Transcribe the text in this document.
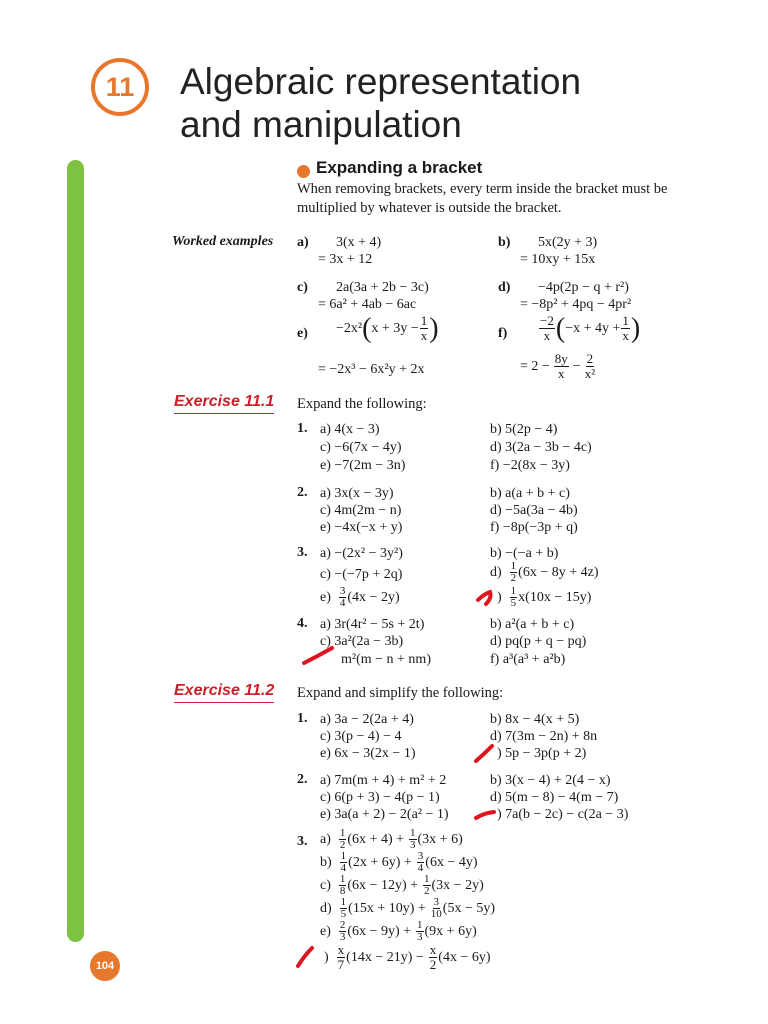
11 Algebraic representation
and manipulation
Expanding a bracket
When removing brackets, every term inside the bracket must be multiplied by whatever is outside the bracket.
Worked examples a) 3(x + 4)
= 3x + 12
b) 5x(2y + 3)
= 10xy + 15x
c) 2a(3a + 2b − 3c)
= 6a² + 4ab − 6ac
d) −4p(2p − q + r²)
= −8p² + 4pq − 4pr²
e) −2x² ( $x + 3y - \frac{1}{x}$ )
= −2x³ − 6x²y + 2x
$f) \frac{-2}{x}$ ( $-x + 4y + \frac{1}{x}$ )
= $2 - \frac{8y}{x} - \frac{2}{\text{x²}}$
Exercise 11.1 Expand the following:
1. a) 4(x − 3)	b) 5(2p − 4)
c) −6(7x − 4y)	d) 3(2a − 3b − 4c)
e) −7(2m − 3n)	f) −2(8x − 3y)
2. a) 3x(x − 3y)	b) a(a + b + c)
c) 4m(2m − n)	d) −5a(3a − 4b)
e) −4x(−x + y)	f) −8p(−3p + q)
3. a) −(2x² − 3y²)	b) −(−a + b)
c) −(−7p + 2q)	$d) \frac{1}{2} (6x - 8y + 4z)$
$e) \frac{3}{4} (4x - 2y)$	) $\frac{1}{5} x(10x - 15y)$
4. a) 3r(4r² − 5s + 2t)	b) a²(a + b + c)
c) 3a²(2a − 3b)	d) pq(p + q − pq)
m²(m − n + nm)	f) a³(a³ + a²b)
Exercise 11.2 Expand and simplify the following:
1. a) 3a − 2(2a + 4)	b) 8x − 4(x + 5)
c) 3(p − 4) − 4	d) 7(3m − 2n) + 8n
e) 6x − 3(2x − 1)	) 5p − 3p(p + 2)
2. a) 7m(m + 4) + m² + 2	b) 3(x − 4) + 2(4 − x)
c) 6(p + 3) − 4(p − 1)	d) 5(m − 8) − 4(m − 7)
e) 3a(a + 2) − 2(a² − 1)	) 7a(b − 2c) − c(2a − 3)
3. $a) \frac{1}{2} (6x + 4) + \frac{1}{3} (3x + 6)$
$b) \frac{1}{4} (2x + 6y) + \frac{3}{4} (6x - 4y)$
$c) \frac{1}{8} (6x - 12y) + \frac{1}{2} (3x - 2y)$
$d) \frac{1}{5} (15x + 10y) + \frac{3}{10} (5x - 5y)$
$e) \frac{2}{3} (6x - 9y) + \frac{1}{3} (9x + 6y)$
) $\frac{x}{7} (14x - 21y) - \frac{x}{2} (4x - 6y)$
104
